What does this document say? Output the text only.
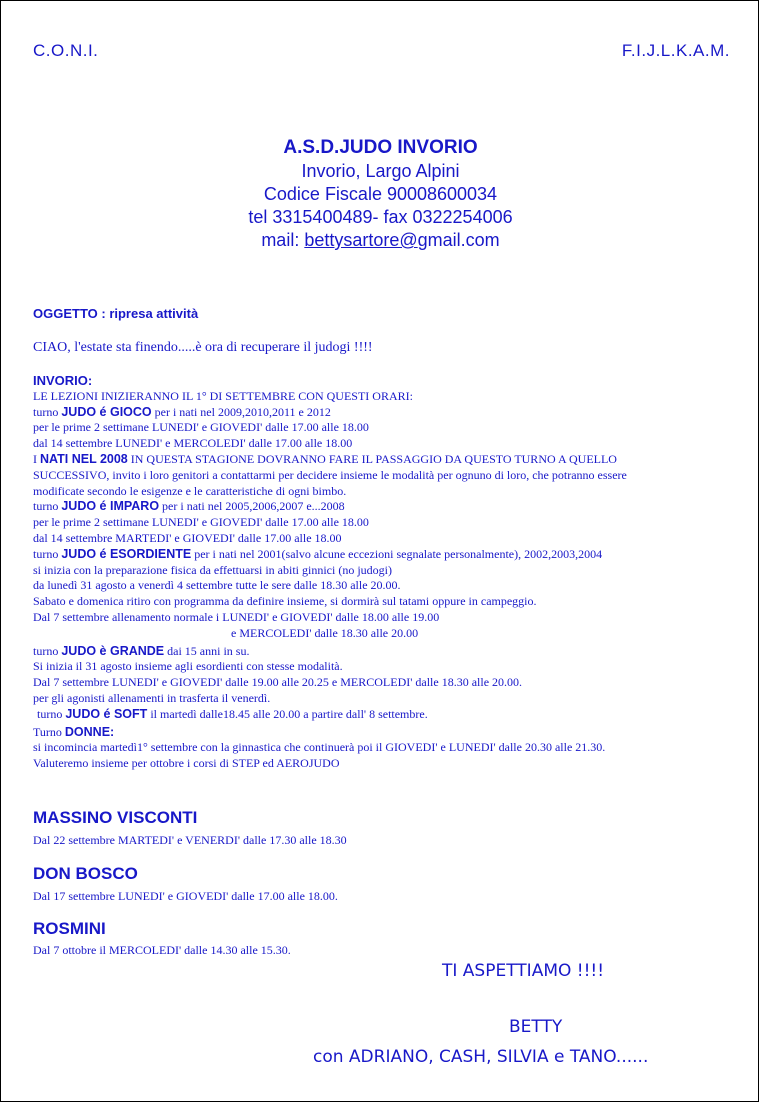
C.O.N.I.	F.I.J.L.K.A.M.
A.S.D.JUDO INVORIO
Invorio, Largo Alpini
Codice Fiscale 90008600034
tel 3315400489- fax 0322254006
mail: bettysartore@gmail.com
OGGETTO : ripresa attività
CIAO, l'estate sta finendo.....è ora di recuperare il judogi !!!!
INVORIO:
LE LEZIONI INIZIERANNO IL 1° DI SETTEMBRE CON QUESTI ORARI:
turno JUDO é GIOCO per i nati nel 2009,2010,2011 e 2012
per le prime 2 settimane LUNEDI' e GIOVEDI' dalle 17.00 alle 18.00
dal 14 settembre LUNEDI' e MERCOLEDI' dalle 17.00 alle 18.00
I NATI NEL 2008 IN QUESTA STAGIONE DOVRANNO FARE IL PASSAGGIO DA QUESTO TURNO A QUELLO
SUCCESSIVO, invito i loro genitori a contattarmi per decidere insieme le modalità per ognuno di loro, che potranno essere
modificate secondo le esigenze e le caratteristiche di ogni bimbo.
turno JUDO é IMPARO per i nati nel 2005,2006,2007 e...2008
per le prime 2 settimane LUNEDI' e GIOVEDI' dalle 17.00 alle 18.00
dal 14 settembre MARTEDI' e GIOVEDI' dalle 17.00 alle 18.00
turno JUDO é ESORDIENTE per i nati nel 2001(salvo alcune eccezioni segnalate personalmente), 2002,2003,2004
si inizia con la preparazione fisica da effettuarsi in abiti ginnici (no judogi)
da lunedì 31 agosto a venerdì 4 settembre tutte le sere dalle 18.30 alle 20.00.
Sabato e domenica ritiro con programma da definire insieme, si dormirà sul tatami oppure in campeggio.
Dal 7 settembre allenamento normale i LUNEDI' e GIOVEDI' dalle 18.00 alle 19.00
e MERCOLEDI' dalle 18.30 alle 20.00
turno JUDO è GRANDE dai 15 anni in su.
Si inizia il 31 agosto insieme agli esordienti con stesse modalità.
Dal 7 settembre LUNEDI' e GIOVEDI' dalle 19.00 alle 20.25 e MERCOLEDI' dalle 18.30 alle 20.00.
per gli agonisti allenamenti in trasferta il venerdì.
turno JUDO é SOFT il martedì dalle18.45 alle 20.00 a partire dall' 8 settembre.
Turno DONNE:
si incomincia martedì1° settembre con la ginnastica che continuerà poi il GIOVEDI' e LUNEDI' dalle 20.30 alle 21.30.
Valuteremo insieme per ottobre i corsi di STEP ed AEROJUDO
MASSINO VISCONTI
Dal 22 settembre MARTEDI' e VENERDI' dalle 17.30 alle 18.30
DON BOSCO
Dal 17 settembre LUNEDI' e GIOVEDI' dalle 17.00 alle 18.00.
ROSMINI
Dal 7 ottobre il MERCOLEDI' dalle 14.30 alle 15.30.
TI ASPETTIAMO !!!!
BETTY
con ADRIANO, CASH, SILVIA e TANO......
